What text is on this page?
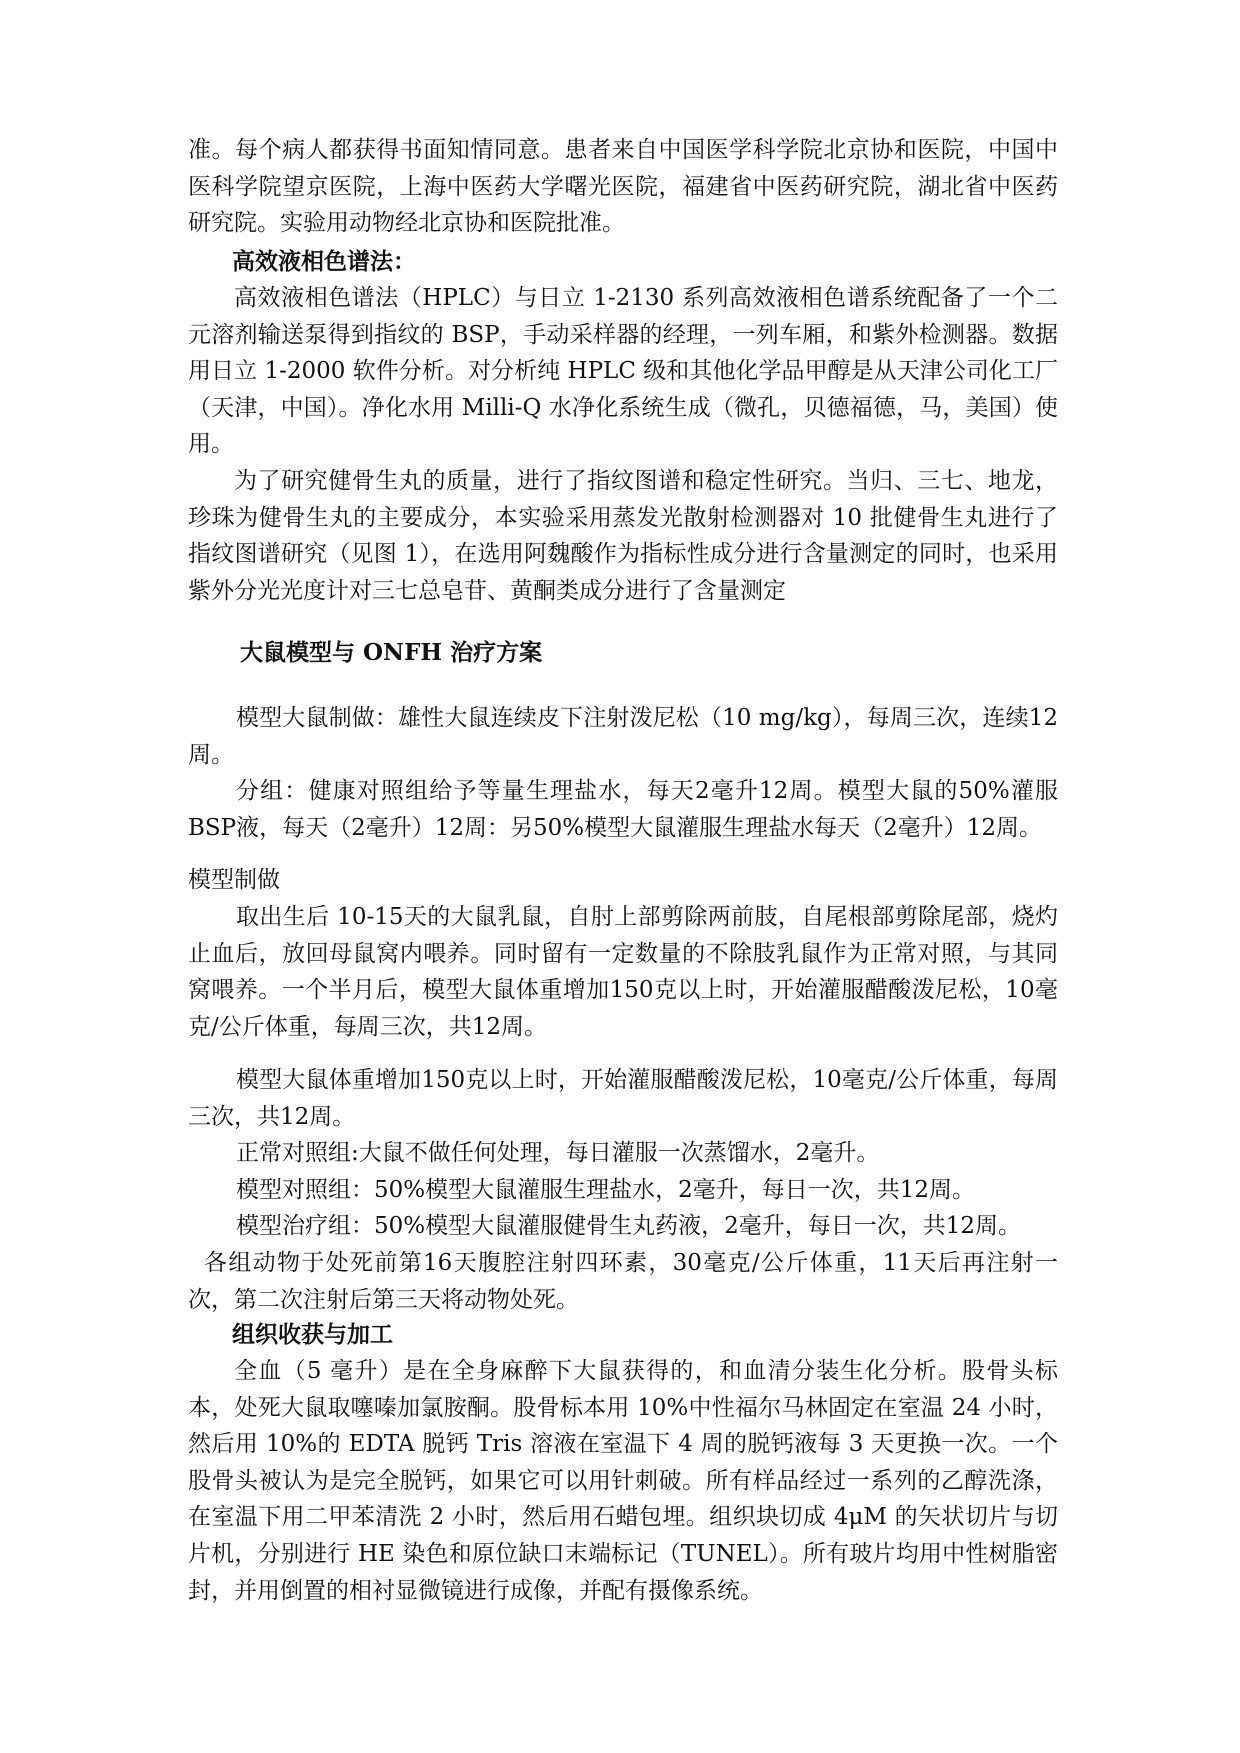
准。每个病人都获得书面知情同意。患者来自中国医学科学院北京协和医院，中国中医科学院望京医院，上海中医药大学曙光医院，福建省中医药研究院，湖北省中医药研究院。实验用动物经北京协和医院批准。

高效液相色谱法：

高效液相色谱法（HPLC）与日立 1-2130 系列高效液相色谱系统配备了一个二元溶剂输送泵得到指纹的 BSP，手动采样器的经理，一列车厢，和紫外检测器。数据用日立 1-2000 软件分析。对分析纯 HPLC 级和其他化学品甲醇是从天津公司化工厂（天津，中国）。净化水用 Milli-Q 水净化系统生成（微孔，贝德福德，马，美国）使用。

为了研究健骨生丸的质量，进行了指纹图谱和稳定性研究。当归、三七、地龙，珍珠为健骨生丸的主要成分，本实验采用蒸发光散射检测器对 10 批健骨生丸进行了指纹图谱研究（见图 1），在选用阿魏酸作为指标性成分进行含量测定的同时，也采用紫外分光光度计对三七总皂苷、黄酮类成分进行了含量测定

大鼠模型与 ONFH 治疗方案

模型大鼠制做：雄性大鼠连续皮下注射泼尼松（10 mg/kg），每周三次，连续12周。

分组：健康对照组给予等量生理盐水，每天2毫升12周。模型大鼠的50%灌服BSP液，每天（2毫升）12周：另50%模型大鼠灌服生理盐水每天（2毫升）12周。

模型制做

取出生后 10-15天的大鼠乳鼠，自肘上部剪除两前肢，自尾根部剪除尾部，烧灼止血后，放回母鼠窝内喂养。同时留有一定数量的不除肢乳鼠作为正常对照，与其同窝喂养。一个半月后，模型大鼠体重增加150克以上时，开始灌服醋酸泼尼松，10毫克/公斤体重，每周三次，共12周。

模型大鼠体重增加150克以上时，开始灌服醋酸泼尼松，10毫克/公斤体重，每周三次，共12周。

正常对照组:大鼠不做任何处理，每日灌服一次蒸馏水，2毫升。

模型对照组：50%模型大鼠灌服生理盐水，2毫升，每日一次，共12周。

模型治疗组：50%模型大鼠灌服健骨生丸药液，2毫升，每日一次，共12周。

各组动物于处死前第16天腹腔注射四环素，30毫克/公斤体重，11天后再注射一次，第二次注射后第三天将动物处死。

组织收获与加工

全血（5 毫升）是在全身麻醉下大鼠获得的，和血清分装生化分析。股骨头标本，处死大鼠取噻嗪加氯胺酮。股骨标本用 10%中性福尔马林固定在室温 24 小时，然后用 10%的 EDTA 脱钙 Tris 溶液在室温下 4 周的脱钙液每 3 天更换一次。一个股骨头被认为是完全脱钙，如果它可以用针刺破。所有样品经过一系列的乙醇洗涤，在室温下用二甲苯清洗 2 小时，然后用石蜡包埋。组织块切成 4μM 的矢状切片与切片机，分别进行 HE 染色和原位缺口末端标记（TUNEL）。所有玻片均用中性树脂密封，并用倒置的相衬显微镜进行成像，并配有摄像系统。
